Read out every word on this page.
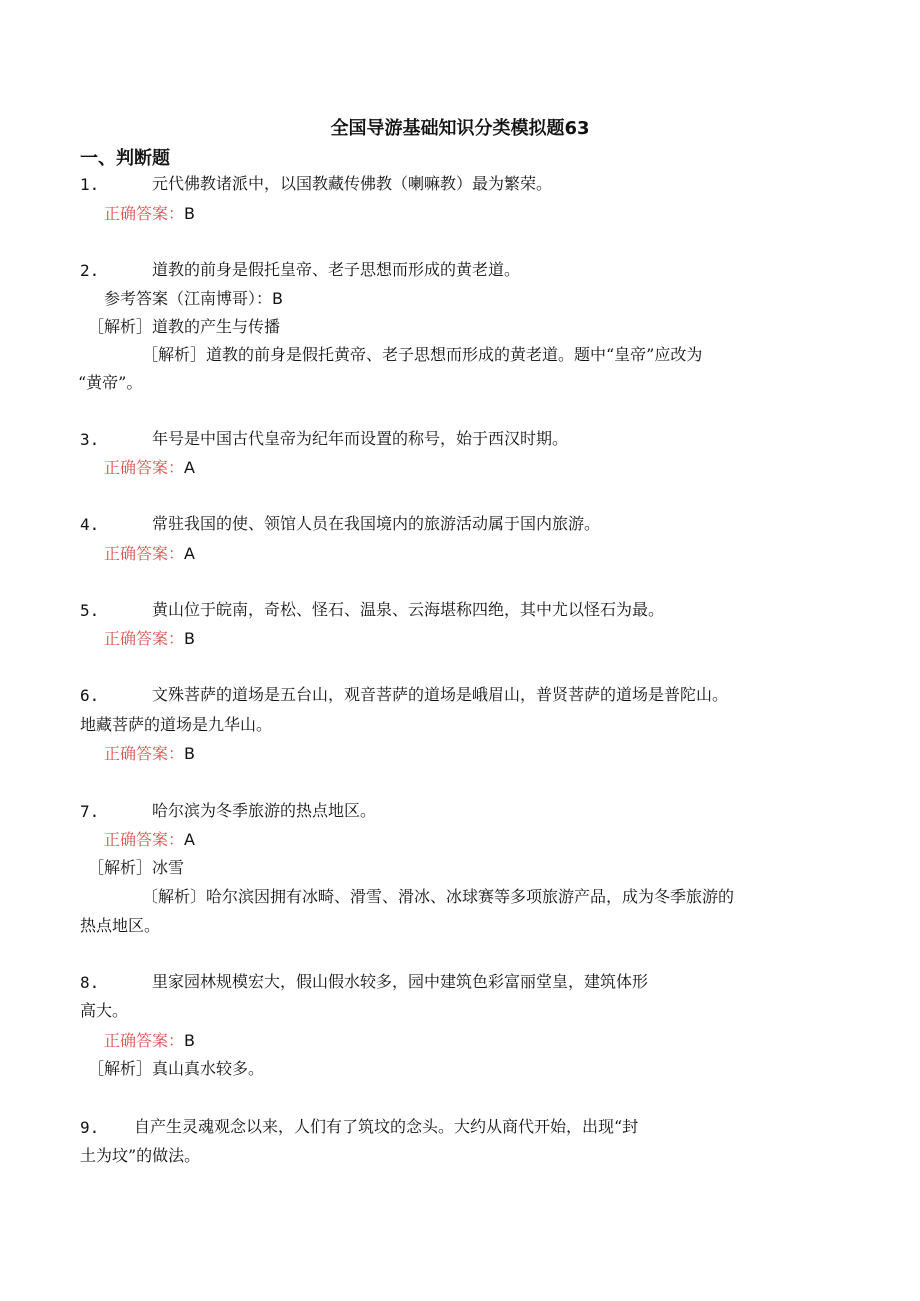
全国导游基础知识分类模拟题63
一、判断题
1.	元代佛教诸派中，以国教藏传佛教（喇嘛教）最为繁荣。
正确答案：B
2.	道教的前身是假托皇帝、老子思想而形成的黄老道。
参考答案（江南博哥）：B
［解析］道教的产生与传播
［解析］道教的前身是假托黄帝、老子思想而形成的黄老道。题中“皇帝”应改为
“黄帝”。
3.	年号是中国古代皇帝为纪年而设置的称号，始于西汉时期。
正确答案：A
4.	常驻我国的使、领馆人员在我国境内的旅游活动属于国内旅游。
正确答案：A
5.	黄山位于皖南，奇松、怪石、温泉、云海堪称四绝，其中尤以怪石为最。
正确答案：B
6.	文殊菩萨的道场是五台山，观音菩萨的道场是峨眉山，普贤菩萨的道场是普陀山。
地藏菩萨的道场是九华山。
正确答案：B
7.	哈尔滨为冬季旅游的热点地区。
正确答案：A
［解析］冰雪
〔解析〕哈尔滨因拥有冰畸、滑雪、滑冰、冰球赛等多项旅游产品，成为冬季旅游的
热点地区。
8.	里家园林规模宏大，假山假水较多，园中建筑色彩富丽堂皇，建筑体形
高大。
正确答案：B
［解析］真山真水较多。
9. 自产生灵魂观念以来，人们有了筑坟的念头。大约从商代开始，出现“封
土为坟”的做法。
